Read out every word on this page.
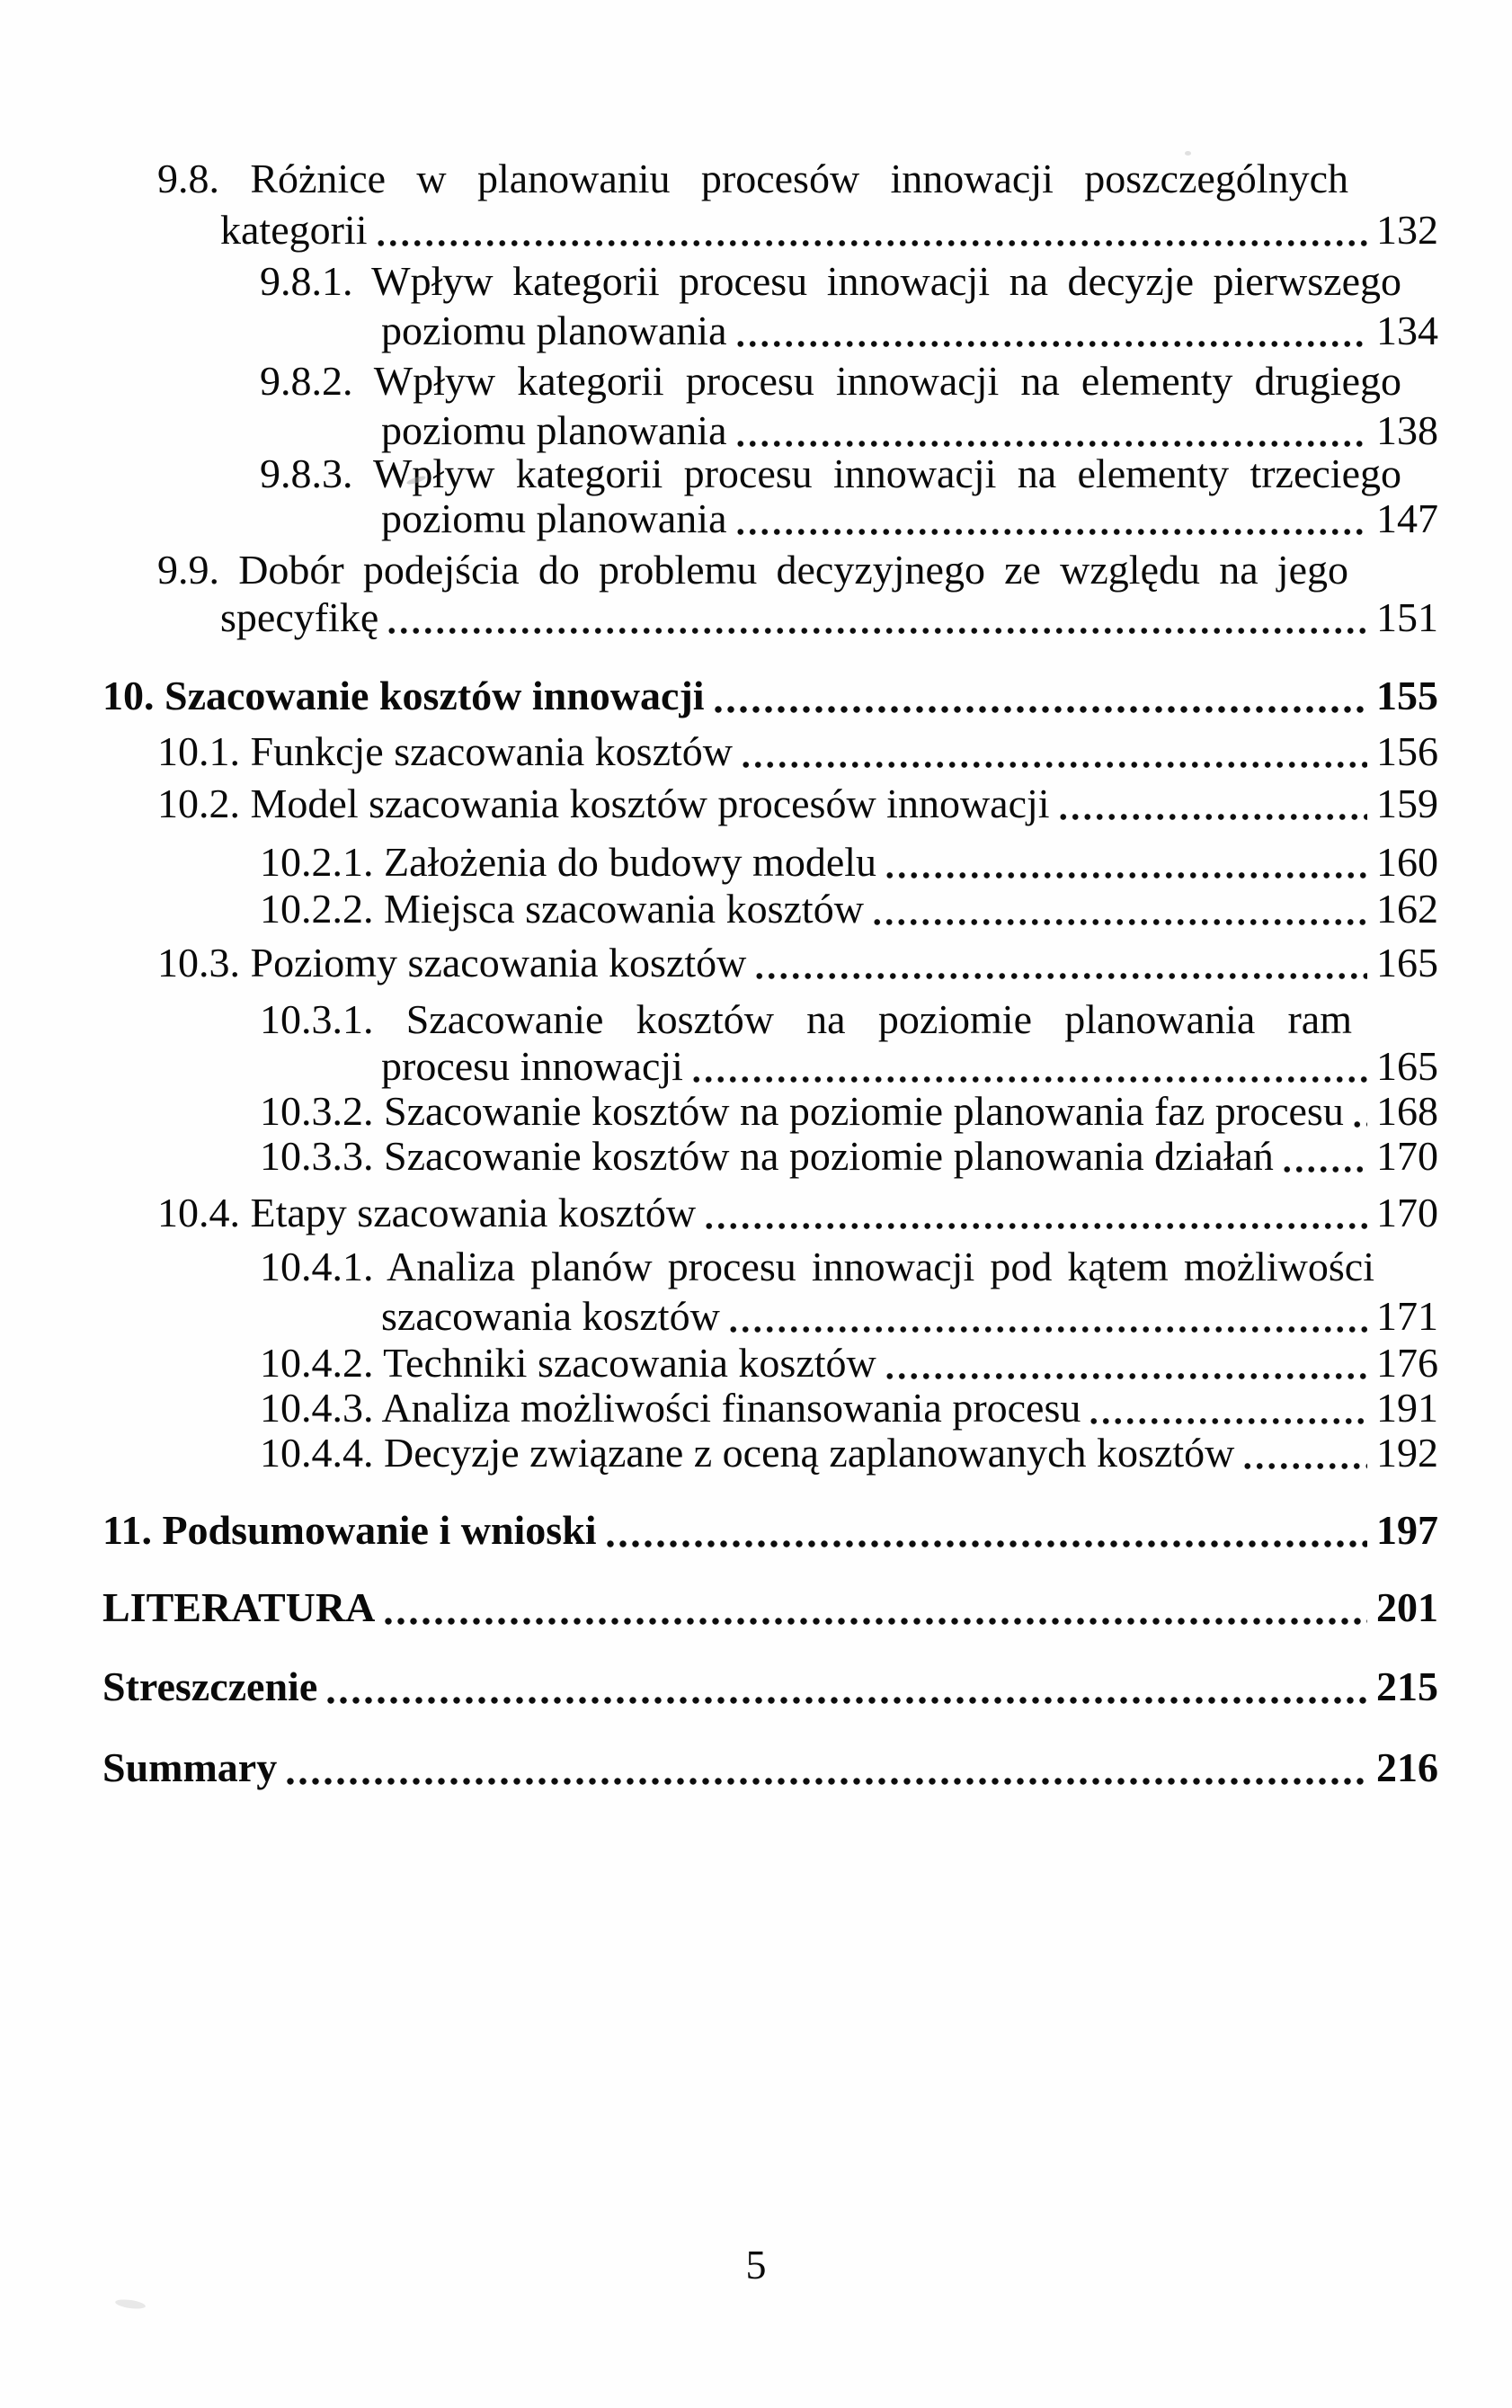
9.8. Różnice w planowaniu procesów innowacji poszczególnych
kategorii	132
9.8.1. Wpływ kategorii procesu innowacji na decyzje pierwszego
poziomu planowania	134
9.8.2. Wpływ kategorii procesu innowacji na elementy drugiego
poziomu planowania	138
9.8.3. Wpływ kategorii procesu innowacji na elementy trzeciego
poziomu planowania	147
9.9. Dobór podejścia do problemu decyzyjnego ze względu na jego
specyfikę	151
10. Szacowanie kosztów innowacji	155
10.1. Funkcje szacowania kosztów	156
10.2. Model szacowania kosztów procesów innowacji	159
10.2.1. Założenia do budowy modelu	160
10.2.2. Miejsca szacowania kosztów	162
10.3. Poziomy szacowania kosztów	165
10.3.1. Szacowanie kosztów na poziomie planowania ram
procesu innowacji	165
10.3.2. Szacowanie kosztów na poziomie planowania faz procesu 168
10.3.3. Szacowanie kosztów na poziomie planowania działań 170
10.4. Etapy szacowania kosztów	170
10.4.1. Analiza planów procesu innowacji pod kątem możliwości
szacowania kosztów	171
10.4.2. Techniki szacowania kosztów	176
10.4.3. Analiza możliwości finansowania procesu	191
10.4.4. Decyzje związane z oceną zaplanowanych kosztów	192
11. Podsumowanie i wnioski	197
LITERATURA	201
Streszczenie	215
Summary	216
5
